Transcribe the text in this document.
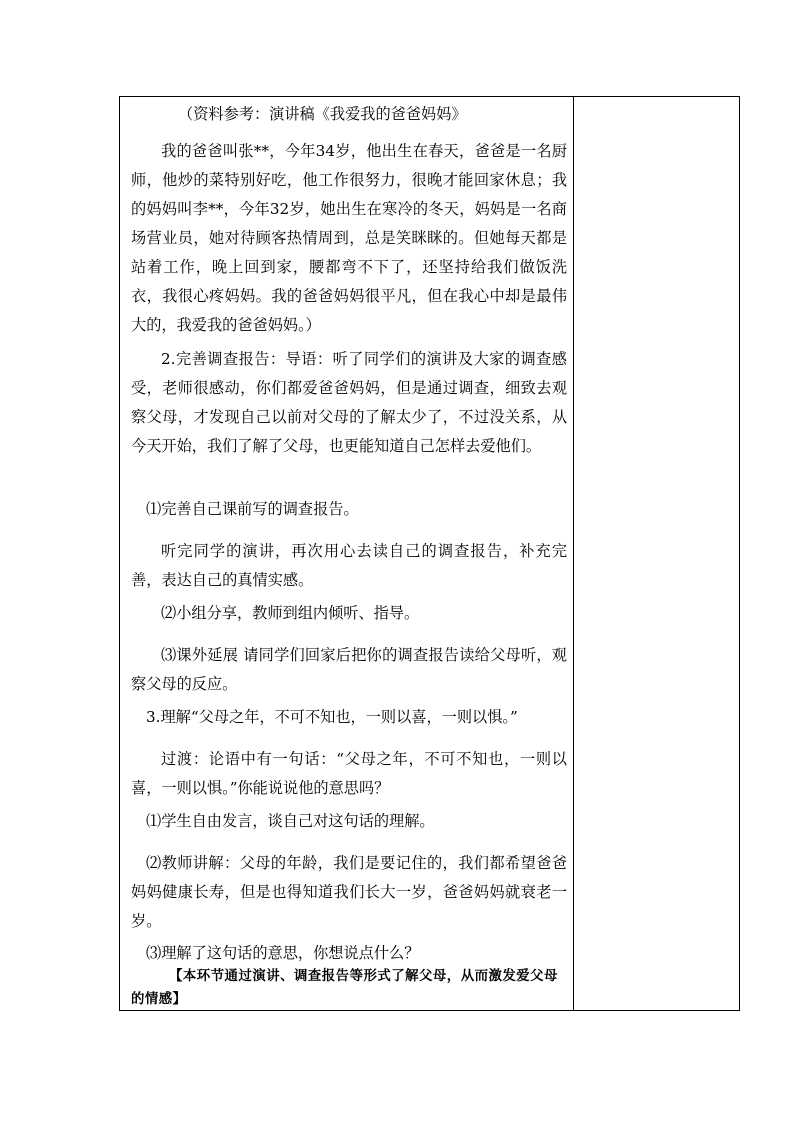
（资料参考：演讲稿《我爱我的爸爸妈妈》

我的爸爸叫张**，今年34岁，他出生在春天，爸爸是一名厨师，他炒的菜特别好吃，他工作很努力，很晚才能回家休息；我的妈妈叫李**，今年32岁，她出生在寒冷的冬天，妈妈是一名商场营业员，她对待顾客热情周到，总是笑眯眯的。但她每天都是站着工作，晚上回到家，腰都弯不下了，还坚持给我们做饭洗衣，我很心疼妈妈。我的爸爸妈妈很平凡，但在我心中却是最伟大的，我爱我的爸爸妈妈。）

2.完善调查报告：导语：听了同学们的演讲及大家的调查感受，老师很感动，你们都爱爸爸妈妈，但是通过调查，细致去观察父母，才发现自己以前对父母的了解太少了，不过没关系，从今天开始，我们了解了父母，也更能知道自己怎样去爱他们。

⑴完善自己课前写的调查报告。

听完同学的演讲，再次用心去读自己的调查报告，补充完善，表达自己的真情实感。

⑵小组分享，教师到组内倾听、指导。

⑶课外延展 请同学们回家后把你的调查报告读给父母听，观察父母的反应。

3.理解“父母之年，不可不知也，一则以喜，一则以惧。”

过渡：论语中有一句话：“父母之年，不可不知也，一则以喜，一则以惧。”你能说说他的意思吗？

⑴学生自由发言，谈自己对这句话的理解。

⑵教师讲解：父母的年龄，我们是要记住的，我们都希望爸爸妈妈健康长寿，但是也得知道我们长大一岁，爸爸妈妈就衰老一岁。

⑶理解了这句话的意思，你想说点什么？

【本环节通过演讲、调查报告等形式了解父母，从而激发爱父母的情感】
